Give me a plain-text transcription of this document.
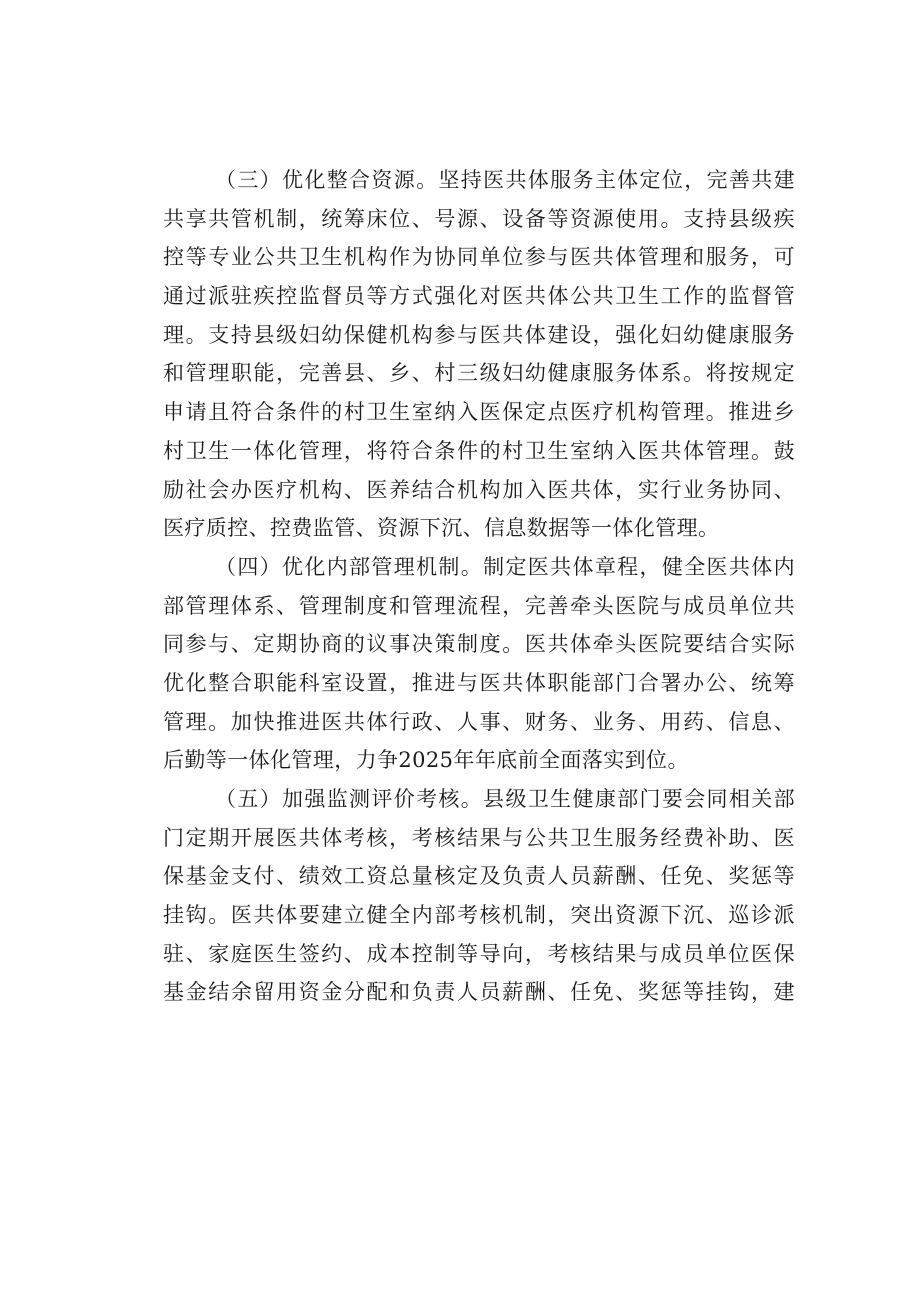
（三）优化整合资源。坚持医共体服务主体定位，完善共建
共享共管机制，统筹床位、号源、设备等资源使用。支持县级疾
控等专业公共卫生机构作为协同单位参与医共体管理和服务，可
通过派驻疾控监督员等方式强化对医共体公共卫生工作的监督管
理。支持县级妇幼保健机构参与医共体建设，强化妇幼健康服务
和管理职能，完善县、乡、村三级妇幼健康服务体系。将按规定
申请且符合条件的村卫生室纳入医保定点医疗机构管理。推进乡
村卫生一体化管理，将符合条件的村卫生室纳入医共体管理。鼓
励社会办医疗机构、医养结合机构加入医共体，实行业务协同、
医疗质控、控费监管、资源下沉、信息数据等一体化管理。
（四）优化内部管理机制。制定医共体章程，健全医共体内
部管理体系、管理制度和管理流程，完善牵头医院与成员单位共
同参与、定期协商的议事决策制度。医共体牵头医院要结合实际
优化整合职能科室设置，推进与医共体职能部门合署办公、统筹
管理。加快推进医共体行政、人事、财务、业务、用药、信息、
后勤等一体化管理，力争2025年年底前全面落实到位。
（五）加强监测评价考核。县级卫生健康部门要会同相关部
门定期开展医共体考核，考核结果与公共卫生服务经费补助、医
保基金支付、绩效工资总量核定及负责人员薪酬、任免、奖惩等
挂钩。医共体要建立健全内部考核机制，突出资源下沉、巡诊派
驻、家庭医生签约、成本控制等导向，考核结果与成员单位医保
基金结余留用资金分配和负责人员薪酬、任免、奖惩等挂钩，建
